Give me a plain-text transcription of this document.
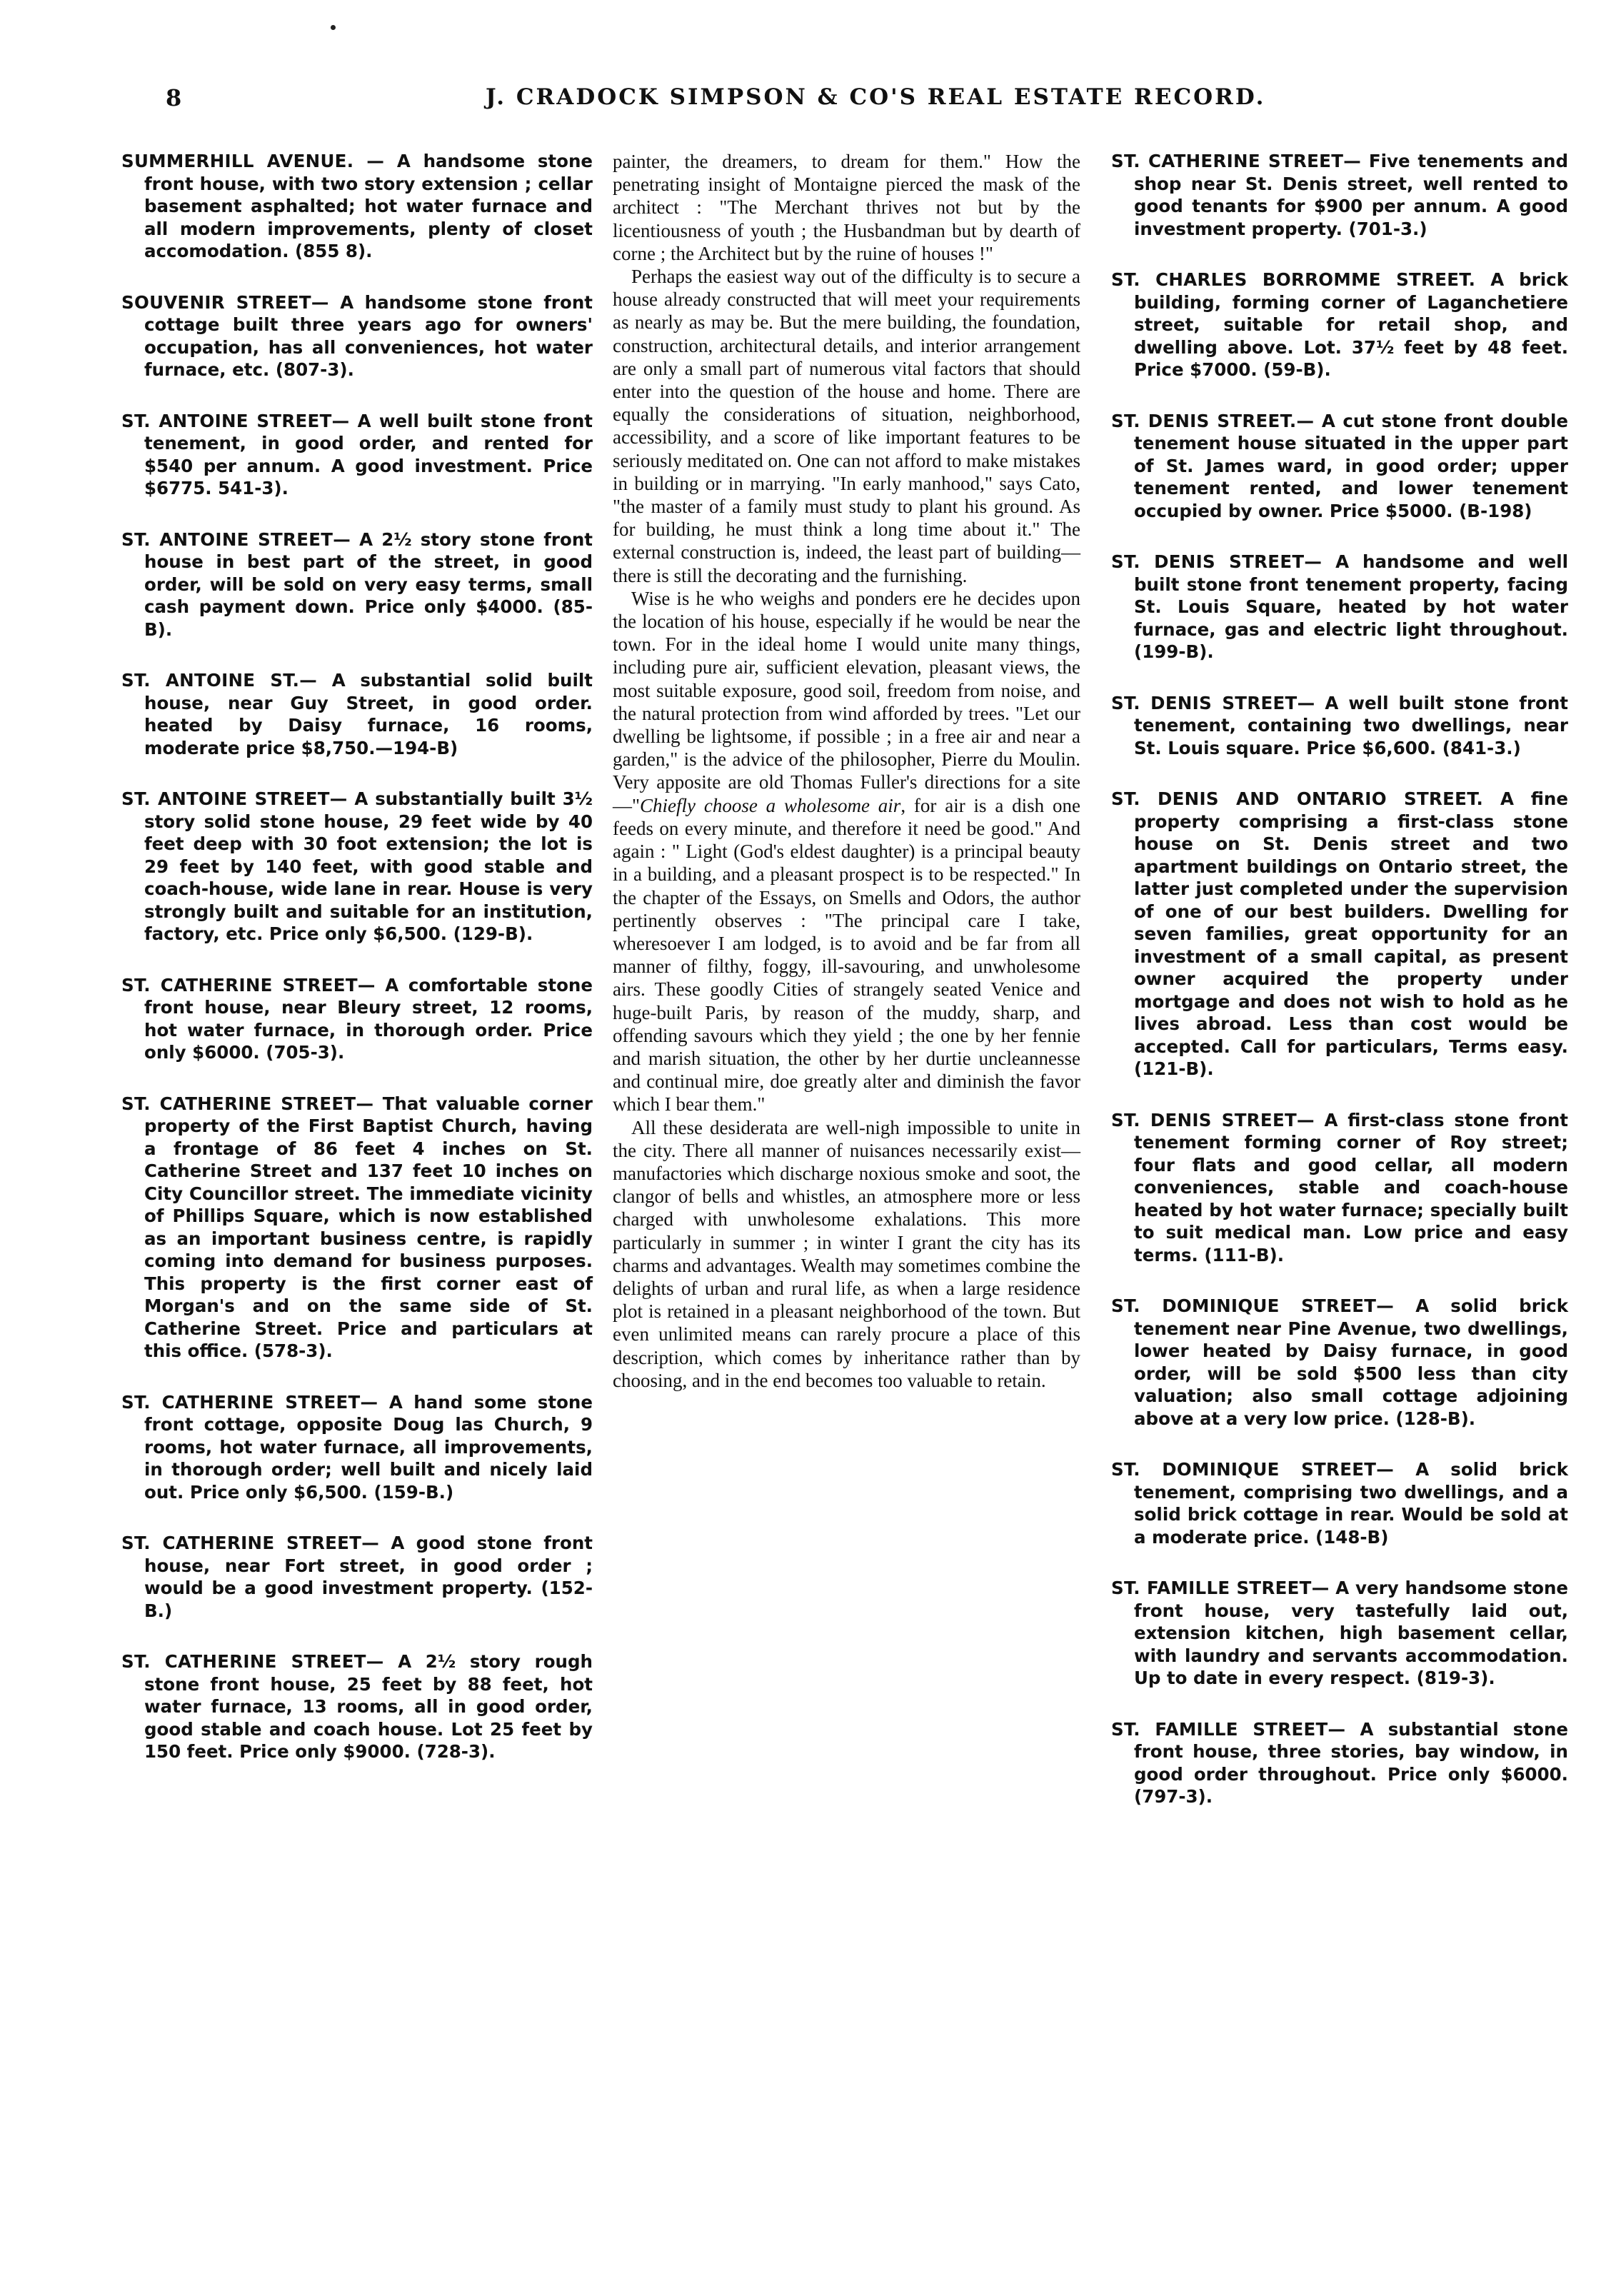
8	J. CRADOCK SIMPSON & CO'S REAL ESTATE RECORD.

SUMMERHILL AVENUE. — A handsome stone front house, with two story extension ; cellar basement asphalted; hot water furnace and all modern improvements, plenty of closet accomodation. (855 8).

SOUVENIR STREET— A handsome stone front cottage built three years ago for owners' occupation, has all conveniences, hot water furnace, etc. (807-3).

ST. ANTOINE STREET— A well built stone front tenement, in good order, and rented for $540 per annum. A good investment. Price $6775. 541-3).

ST. ANTOINE STREET— A 2½ story stone front house in best part of the street, in good order, will be sold on very easy terms, small cash payment down. Price only $4000. (85-B).

ST. ANTOINE ST.— A substantial solid built house, near Guy Street, in good order. heated by Daisy furnace, 16 rooms, moderate price $8,750.—194-B)

ST. ANTOINE STREET— A substantially built 3½ story solid stone house, 29 feet wide by 40 feet deep with 30 foot extension; the lot is 29 feet by 140 feet, with good stable and coach-house, wide lane in rear. House is very strongly built and suitable for an institution, factory, etc. Price only $6,500. (129-B).

ST. CATHERINE STREET— A comfortable stone front house, near Bleury street, 12 rooms, hot water furnace, in thorough order. Price only $6000. (705-3).

ST. CATHERINE STREET— That valuable corner property of the First Baptist Church, having a frontage of 86 feet 4 inches on St. Catherine Street and 137 feet 10 inches on City Councillor street. The immediate vicinity of Phillips Square, which is now established as an important business centre, is rapidly coming into demand for business purposes. This property is the first corner east of Morgan's and on the same side of St. Catherine Street. Price and particulars at this office. (578-3).

ST. CATHERINE STREET— A hand some stone front cottage, opposite Doug las Church, 9 rooms, hot water furnace, all improvements, in thorough order; well built and nicely laid out. Price only $6,500. (159-B.)

ST. CATHERINE STREET— A good stone front house, near Fort street, in good order ; would be a good investment property. (152-B.)

ST. CATHERINE STREET— A 2½ story rough stone front house, 25 feet by 88 feet, hot water furnace, 13 rooms, all in good order, good stable and coach house. Lot 25 feet by 150 feet. Price only $9000. (728-3).

painter, the dreamers, to dream for them." How the penetrating insight of Montaigne pierced the mask of the architect : "The Merchant thrives not but by the licentiousness of youth ; the Husbandman but by dearth of corne ; the Architect but by the ruine of houses !"

Perhaps the easiest way out of the difficulty is to secure a house already constructed that will meet your requirements as nearly as may be. But the mere building, the foundation, construction, architectural details, and interior arrangement are only a small part of numerous vital factors that should enter into the question of the house and home. There are equally the considerations of situation, neighborhood, accessibility, and a score of like important features to be seriously meditated on. One can not afford to make mistakes in building or in marrying. "In early manhood," says Cato, "the master of a family must study to plant his ground. As for building, he must think a long time about it." The external construction is, indeed, the least part of building—there is still the decorating and the furnishing.

Wise is he who weighs and ponders ere he decides upon the location of his house, especially if he would be near the town. For in the ideal home I would unite many things, including pure air, sufficient elevation, pleasant views, the most suitable exposure, good soil, freedom from noise, and the natural protection from wind afforded by trees. "Let our dwelling be lightsome, if possible ; in a free air and near a garden," is the advice of the philosopher, Pierre du Moulin. Very apposite are old Thomas Fuller's directions for a site—"Chiefly choose a wholesome air, for air is a dish one feeds on every minute, and therefore it need be good." And again : " Light (God's eldest daughter) is a principal beauty in a building, and a pleasant prospect is to be respected." In the chapter of the Essays, on Smells and Odors, the author pertinently observes : "The principal care I take, wheresoever I am lodged, is to avoid and be far from all manner of filthy, foggy, ill-savouring, and unwholesome airs. These goodly Cities of strangely seated Venice and huge-built Paris, by reason of the muddy, sharp, and offending savours which they yield ; the one by her fennie and marish situation, the other by her durtie uncleannesse and continual mire, doe greatly alter and diminish the favor which I bear them."

All these desiderata are well-nigh impossible to unite in the city. There all manner of nuisances necessarily exist—manufactories which discharge noxious smoke and soot, the clangor of bells and whistles, an atmosphere more or less charged with unwholesome exhalations. This more particularly in summer ; in winter I grant the city has its charms and advantages. Wealth may sometimes combine the delights of urban and rural life, as when a large residence plot is retained in a pleasant neighborhood of the town. But even unlimited means can rarely procure a place of this description, which comes by inheritance rather than by choosing, and in the end becomes too valuable to retain.

ST. CATHERINE STREET— Five tenements and shop near St. Denis street, well rented to good tenants for $900 per annum. A good investment property. (701-3.)

ST. CHARLES BORROMME STREET. A brick building, forming corner of Laganchetiere street, suitable for retail shop, and dwelling above. Lot. 37½ feet by 48 feet. Price $7000. (59-B).

ST. DENIS STREET.— A cut stone front double tenement house situated in the upper part of St. James ward, in good order; upper tenement rented, and lower tenement occupied by owner. Price $5000. (B-198)

ST. DENIS STREET— A handsome and well built stone front tenement property, facing St. Louis Square, heated by hot water furnace, gas and electric light throughout. (199-B).

ST. DENIS STREET— A well built stone front tenement, containing two dwellings, near St. Louis square. Price $6,600. (841-3.)

ST. DENIS AND ONTARIO STREET. A fine property comprising a first-class stone house on St. Denis street and two apartment buildings on Ontario street, the latter just completed under the supervision of one of our best builders. Dwelling for seven families, great opportunity for an investment of a small capital, as present owner acquired the property under mortgage and does not wish to hold as he lives abroad. Less than cost would be accepted. Call for particulars, Terms easy. (121-B).

ST. DENIS STREET— A first-class stone front tenement forming corner of Roy street; four flats and good cellar, all modern conveniences, stable and coach-house heated by hot water furnace; specially built to suit medical man. Low price and easy terms. (111-B).

ST. DOMINIQUE STREET— A solid brick tenement near Pine Avenue, two dwellings, lower heated by Daisy furnace, in good order, will be sold $500 less than city valuation; also small cottage adjoining above at a very low price. (128-B).

ST. DOMINIQUE STREET— A solid brick tenement, comprising two dwellings, and a solid brick cottage in rear. Would be sold at a moderate price. (148-B)

ST. FAMILLE STREET— A very handsome stone front house, very tastefully laid out, extension kitchen, high basement cellar, with laundry and servants accommodation. Up to date in every respect. (819-3).

ST. FAMILLE STREET— A substantial stone front house, three stories, bay window, in good order throughout. Price only $6000. (797-3).
